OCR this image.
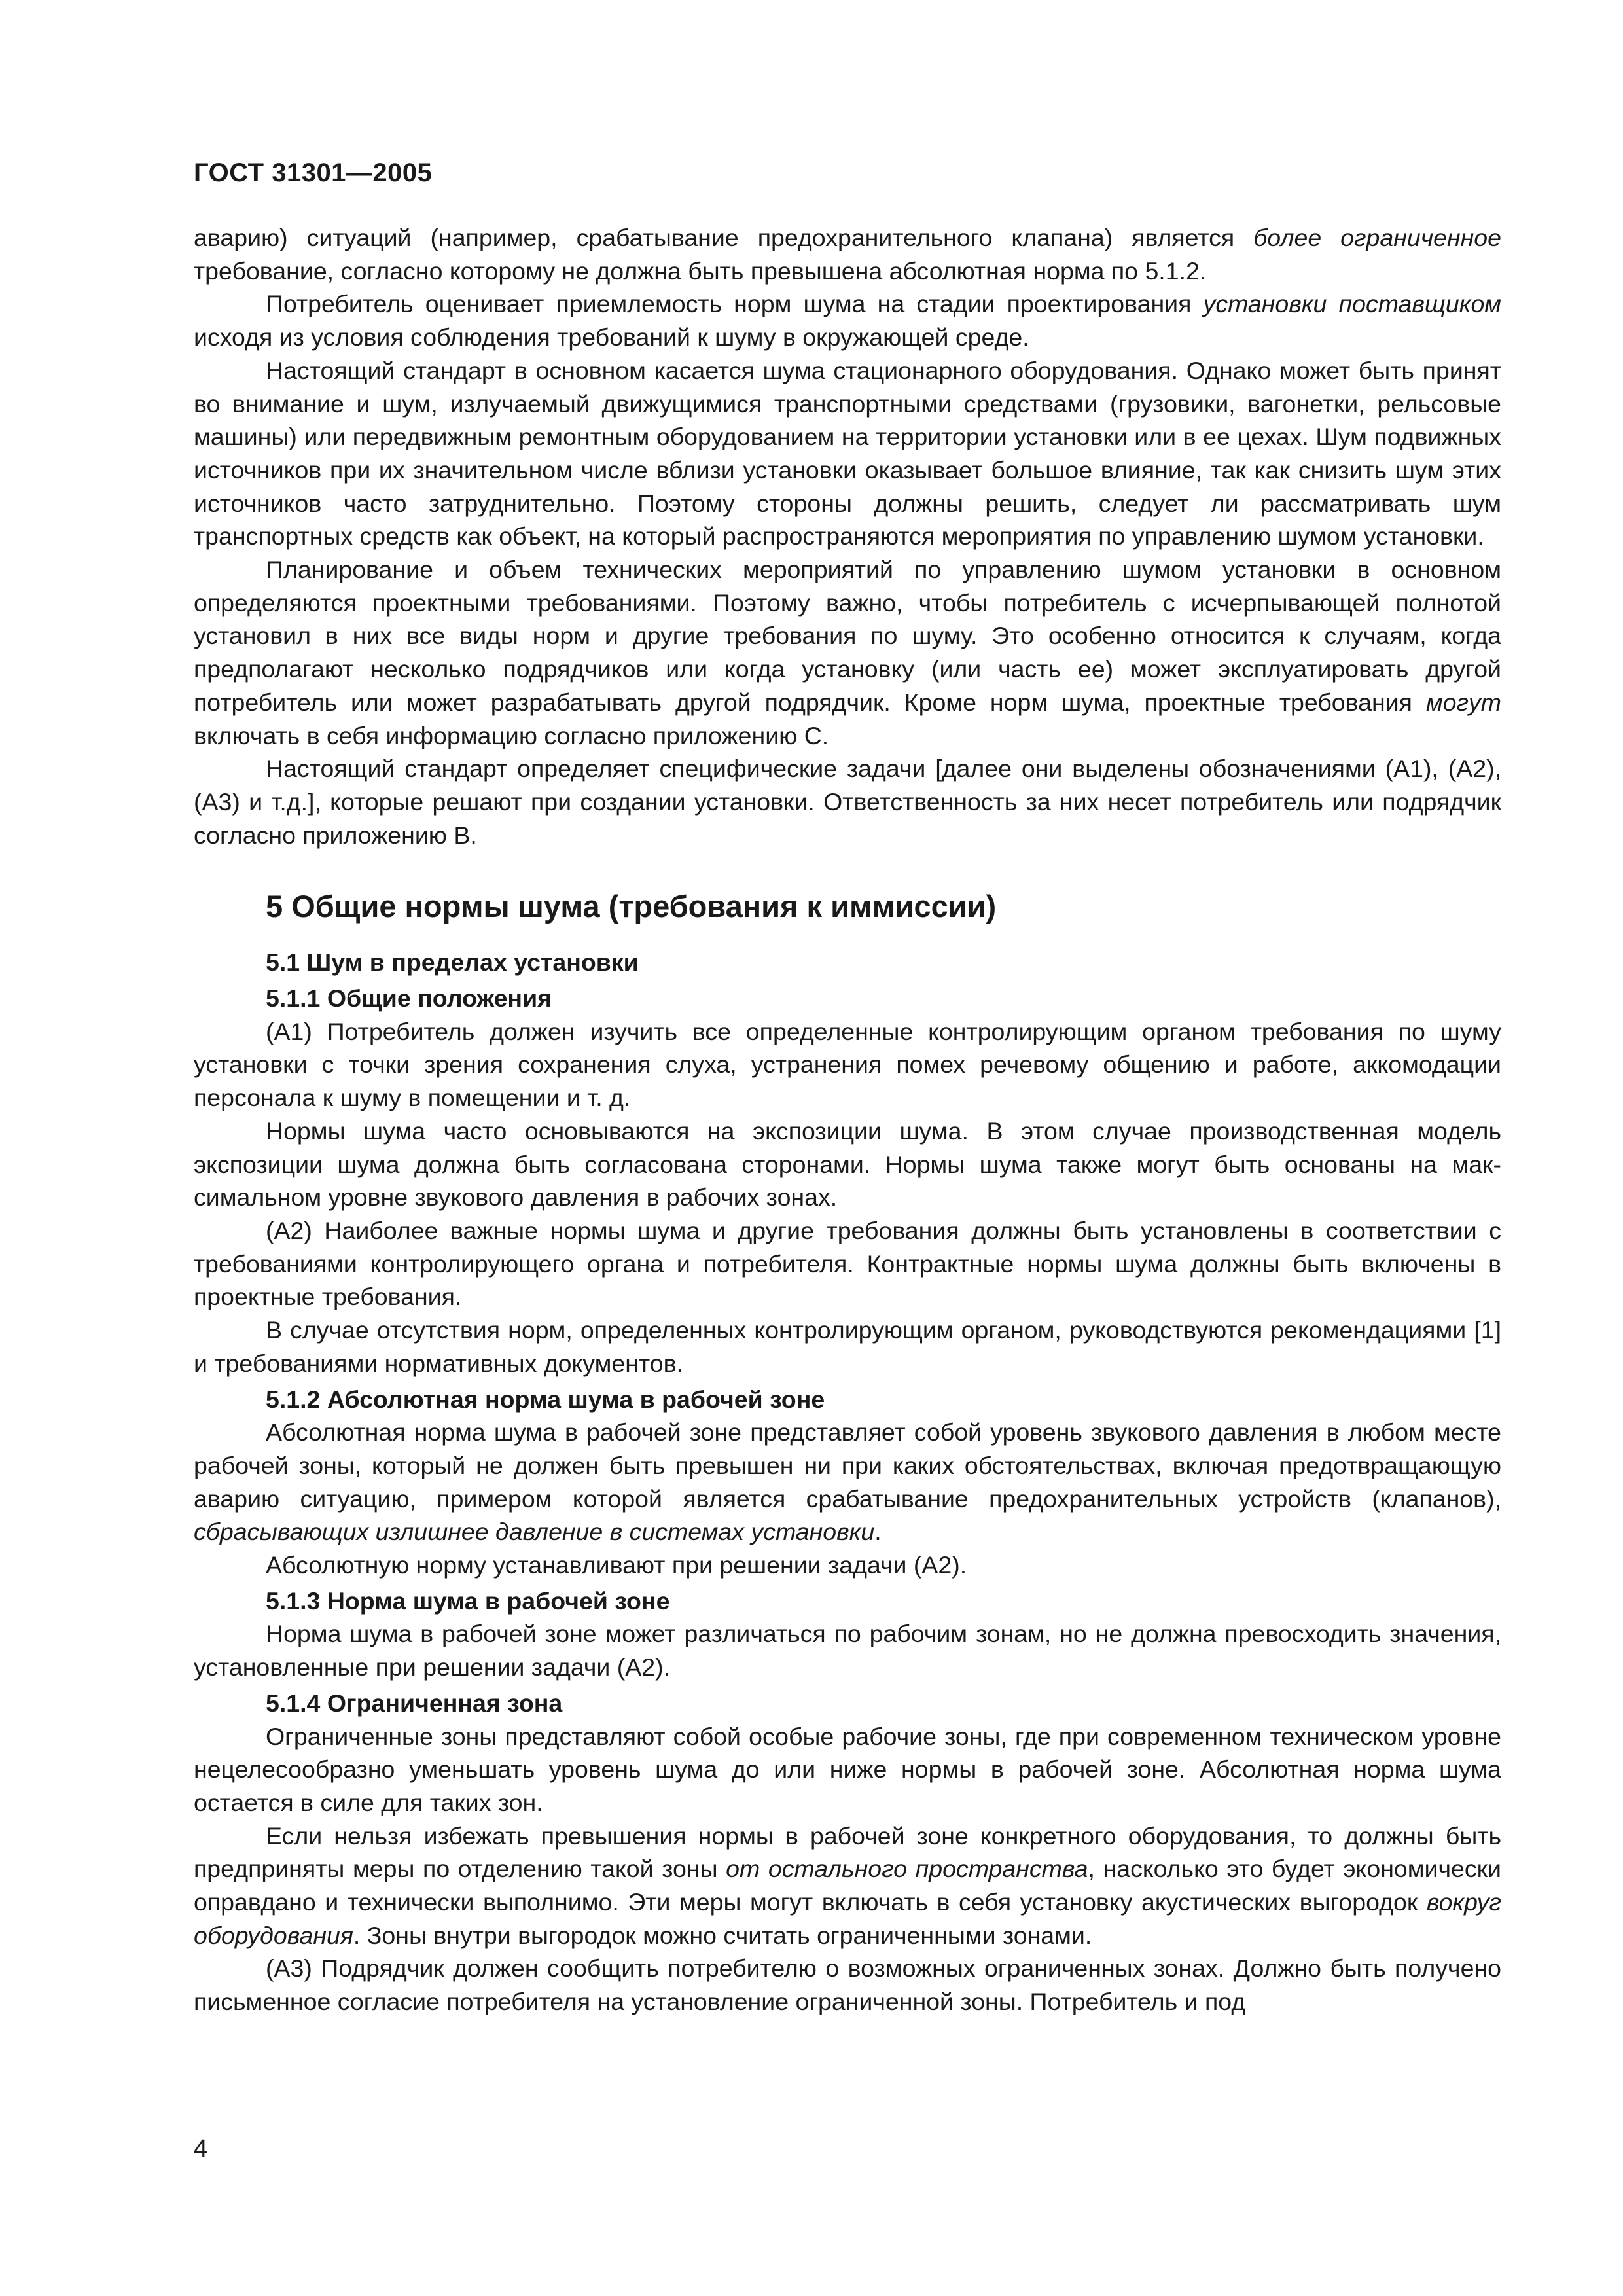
ГОСТ 31301—2005

аварию) ситуаций (например, срабатывание предохранительного клапана) является более ограниченное требование, согласно которому не должна быть превышена абсолютная норма по 5.1.2.

Потребитель оценивает приемлемость норм шума на стадии проектирования установки поставщиком исходя из условия соблюдения требований к шуму в окружающей среде.

Настоящий стандарт в основном касается шума стационарного оборудования. Однако может быть принят во внимание и шум, излучаемый движущимися транспортными средствами (грузовики, вагонетки, рельсовые машины) или передвижным ремонтным оборудованием на территории установки или в ее цехах. Шум подвижных источников при их значительном числе вблизи установки оказывает большое влияние, так как снизить шум этих источников часто затруднительно. Поэтому стороны должны решить, следует ли рассматривать шум транспортных средств как объект, на который распространяются мероприятия по управлению шумом установки.

Планирование и объем технических мероприятий по управлению шумом установки в основном определяются проектными требованиями. Поэтому важно, чтобы потребитель с исчерпывающей полнотой установил в них все виды норм и другие требования по шуму. Это особенно относится к случаям, когда предполагают несколько подрядчиков или когда установку (или часть ее) может эксплуатировать другой потребитель или может разрабатывать другой подрядчик. Кроме норм шума, проектные требования могут включать в себя информацию согласно приложению С.

Настоящий стандарт определяет специфические задачи [далее они выделены обозначениями (А1), (А2), (А3) и т.д.], которые решают при создании установки. Ответственность за них несет потребитель или подрядчик согласно приложению В.

5 Общие нормы шума (требования к иммиссии)
5.1 Шум в пределах установки
5.1.1 Общие положения

(А1) Потребитель должен изучить все определенные контролирующим органом требования по шуму установки с точки зрения сохранения слуха, устранения помех речевому общению и работе, аккомодации персонала к шуму в помещении и т. д.

Нормы шума часто основываются на экспозиции шума. В этом случае производственная модель экспозиции шума должна быть согласована сторонами. Нормы шума также могут быть основаны на максимальном уровне звукового давления в рабочих зонах.

(А2) Наиболее важные нормы шума и другие требования должны быть установлены в соответствии с требованиями контролирующего органа и потребителя. Контрактные нормы шума должны быть включены в проектные требования.

В случае отсутствия норм, определенных контролирующим органом, руководствуются рекомендациями [1] и требованиями нормативных документов.

5.1.2 Абсолютная норма шума в рабочей зоне

Абсолютная норма шума в рабочей зоне представляет собой уровень звукового давления в любом месте рабочей зоны, который не должен быть превышен ни при каких обстоятельствах, включая предотвращающую аварию ситуацию, примером которой является срабатывание предохранительных устройств (клапанов), сбрасывающих излишнее давление в системах установки.

Абсолютную норму устанавливают при решении задачи (А2).

5.1.3 Норма шума в рабочей зоне

Норма шума в рабочей зоне может различаться по рабочим зонам, но не должна превосходить значения, установленные при решении задачи (А2).

5.1.4 Ограниченная зона

Ограниченные зоны представляют собой особые рабочие зоны, где при современном техническом уровне нецелесообразно уменьшать уровень шума до или ниже нормы в рабочей зоне. Абсолютная норма шума остается в силе для таких зон.

Если нельзя избежать превышения нормы в рабочей зоне конкретного оборудования, то должны быть предприняты меры по отделению такой зоны от остального пространства, насколько это будет экономически оправдано и технически выполнимо. Эти меры могут включать в себя установку акустических выгородок вокруг оборудования. Зоны внутри выгородок можно считать ограниченными зонами.

(А3) Подрядчик должен сообщить потребителю о возможных ограниченных зонах. Должно быть получено письменное согласие потребителя на установление ограниченной зоны. Потребитель и под

4
